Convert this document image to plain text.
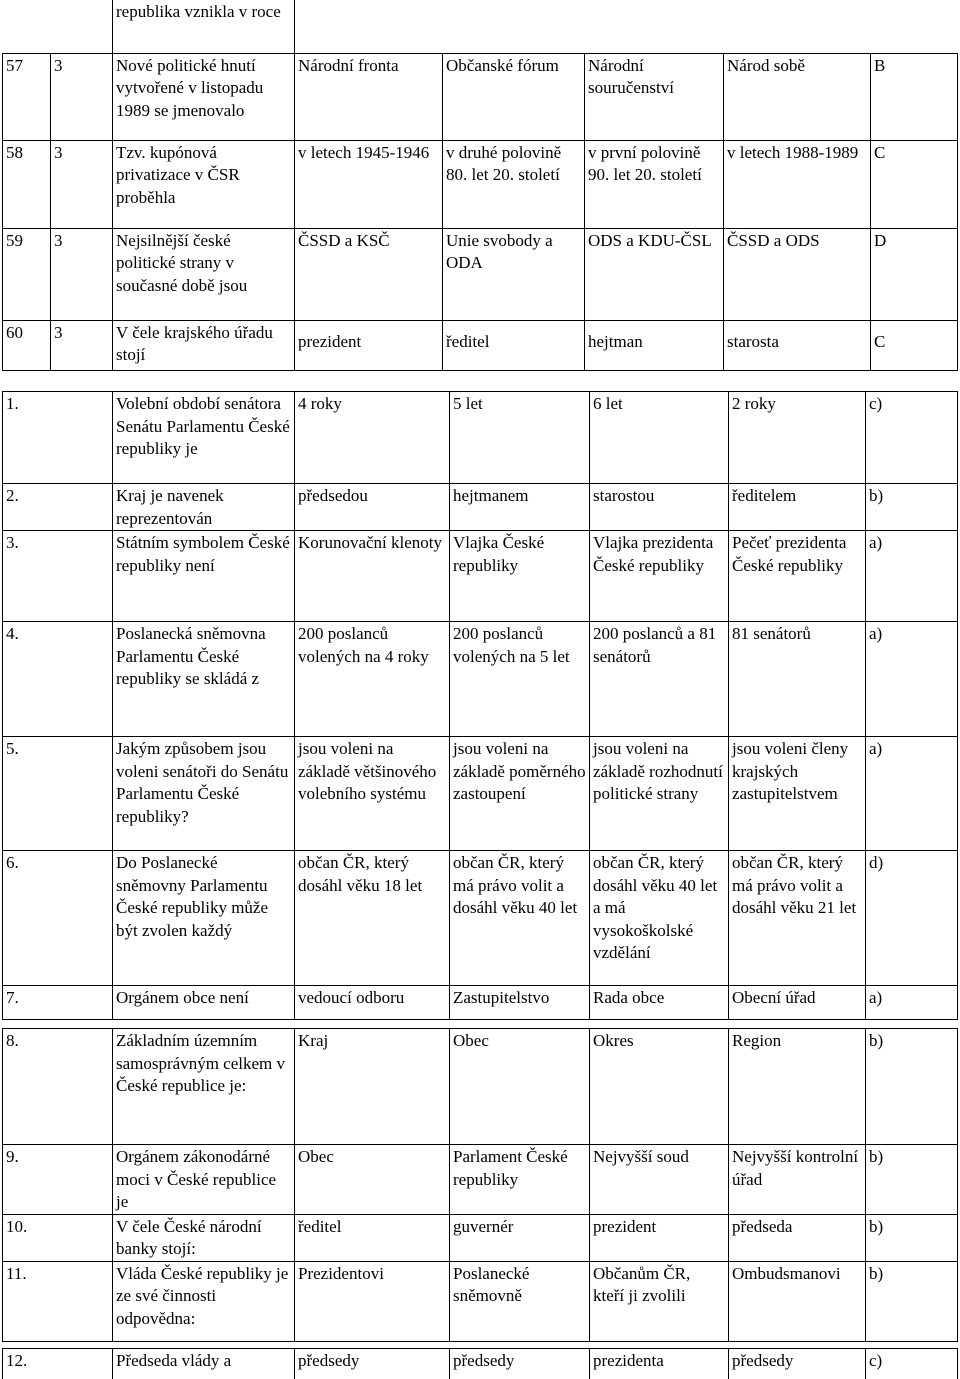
		republika vznikla v roce					
57	3	Nové politické hnutí vytvořené v listopadu 1989 se jmenovalo	Národní fronta	Občanské fórum	Národní souručenství	Národ sobě	B
58	3	Tzv. kupónová privatizace v ČSR proběhla	v letech 1945-1946	v druhé polovině 80. let 20. století	v první polovině 90. let 20. století	v letech 1988-1989	C
59	3	Nejsilnější české politické strany v současné době jsou	ČSSD a KSČ	Unie svobody a ODA	ODS a KDU-ČSL	ČSSD a ODS	D
60	3	V čele krajského úřadu stojí	prezident	ředitel	hejtman	starosta	C
1.	Volební období senátora Senátu Parlamentu České republiky je	4 roky	5 let	6 let	2 roky	c)
2.	Kraj je navenek reprezentován	předsedou	hejtmanem	starostou	ředitelem	b)
3.	Státním symbolem České republiky není	Korunovační klenoty	Vlajka České republiky	Vlajka prezidenta České republiky	Pečeť prezidenta České republiky	a)
4.	Poslanecká sněmovna Parlamentu České republiky se skládá z	200 poslanců volených na 4 roky	200 poslanců volených na 5 let	200 poslanců a 81 senátorů	81 senátorů	a)
5.	Jakým způsobem jsou voleni senátoři do Senátu Parlamentu České republiky?	jsou voleni na základě většinového volebního systému	jsou voleni na základě poměrného zastoupení	jsou voleni na základě rozhodnutí politické strany	jsou voleni členy krajských zastupitelstvem	a)
6.	Do Poslanecké sněmovny Parlamentu České republiky může být zvolen každý	občan ČR, který dosáhl věku 18 let	občan ČR, který má právo volit a dosáhl věku 40 let	občan ČR, který dosáhl věku 40 let a má vysokoškolské vzdělání	občan ČR, který má právo volit a dosáhl věku 21 let	d)
7.	Orgánem obce není	vedoucí odboru	Zastupitelstvo	Rada obce	Obecní úřad	a)
8.	Základním územním samosprávným celkem v České republice je:	Kraj	Obec	Okres	Region	b)
9.	Orgánem zákonodárné moci v České republice je	Obec	Parlament České republiky	Nejvyšší soud	Nejvyšší kontrolní úřad	b)
10.	V čele České národní banky stojí:	ředitel	guvernér	prezident	předseda	b)
11.	Vláda České republiky je ze své činnosti odpovědna:	Prezidentovi	Poslanecké sněmovně	Občanům ČR, kteří ji zvolili	Ombudsmanovi	b)
12.	Předseda vlády a	předsedy	předsedy	prezidenta	předsedy	c)
